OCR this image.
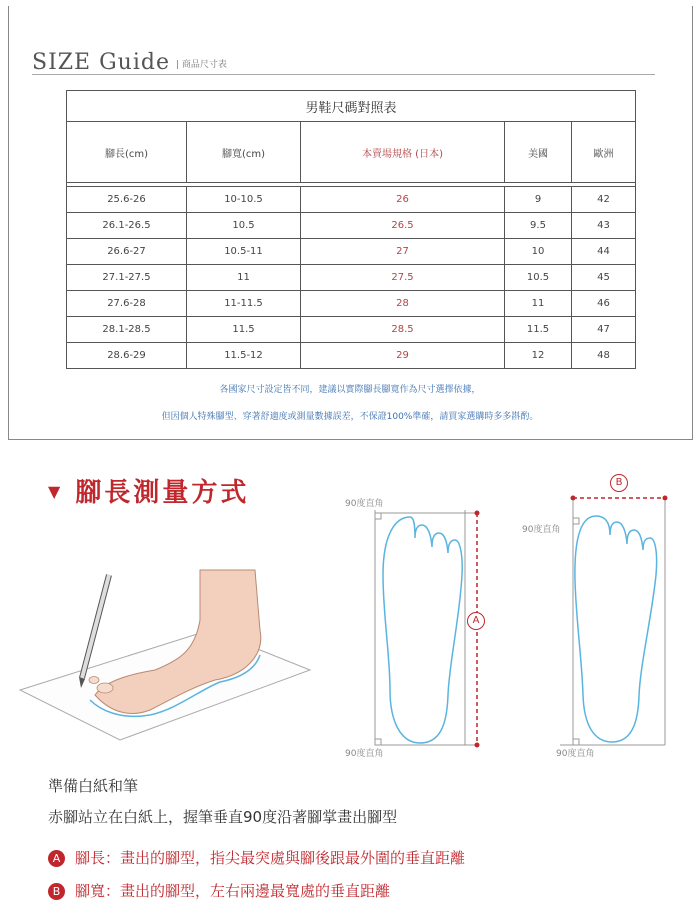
SIZE Guide | 商品尺寸表
男鞋尺碼對照表				
腳長(cm)	腳寬(cm)	本賣場規格 (日本)	美國	歐洲

25.6-26	10-10.5	26	9	42
26.1-26.5	10.5	26.5	9.5	43
26.6-27	10.5-11	27	10	44
27.1-27.5	11	27.5	10.5	45
27.6-28	11-11.5	28	11	46
28.1-28.5	11.5	28.5	11.5	47
28.6-29	11.5-12	29	12	48
各國家尺寸設定皆不同，建議以實際腳長腳寬作為尺寸選擇依據，
但因個人特殊腳型、穿著舒適度或測量數據誤差，不保證100%準確，請買家選購時多多斟酌。
▼ 腳長測量方式	90度直角
A
90度直角
B
90度直角
90度直角
準備白紙和筆
赤腳站立在白紙上，握筆垂直90度沿著腳掌畫出腳型
A 腳長：畫出的腳型，指尖最突處與腳後跟最外圍的垂直距離
B 腳寬：畫出的腳型，左右兩邊最寬處的垂直距離
